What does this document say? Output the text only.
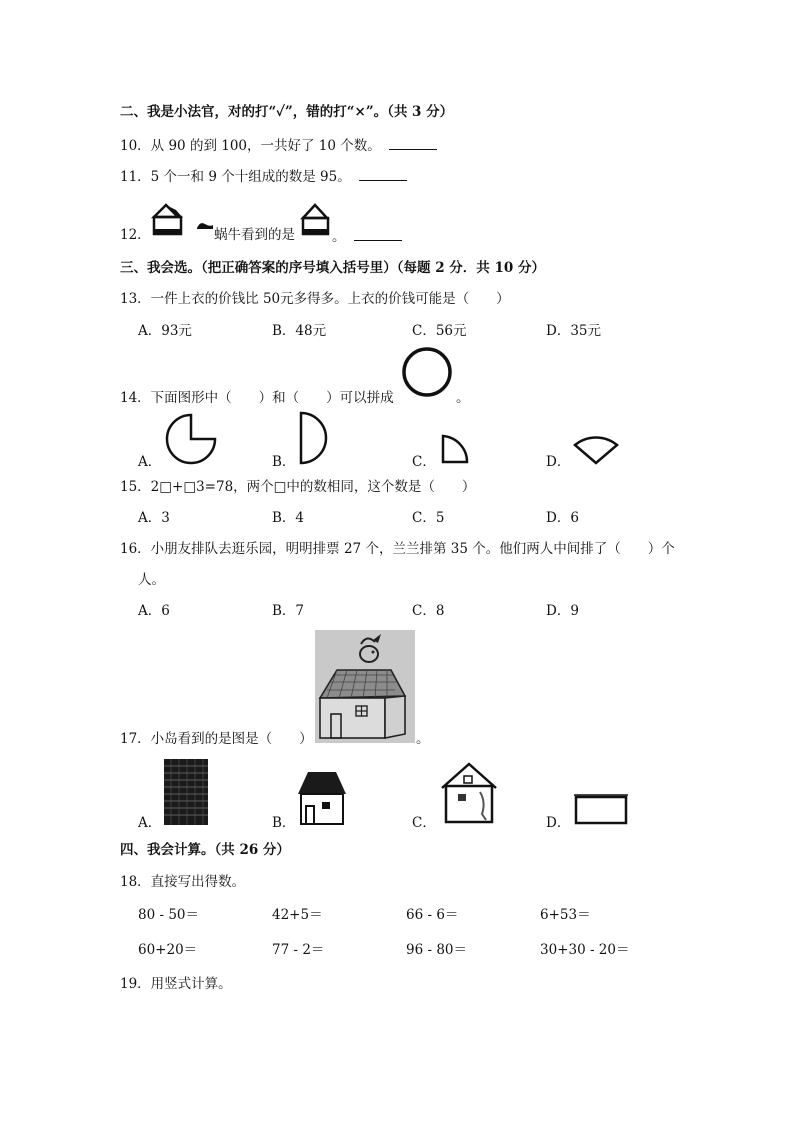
二、我是小法官，对的打“✓”，错的打“×”。（共 3 分）
10．从 90 的到 100，一共好了 10 个数。
11．5 个一和 9 个十组成的数是 95。
12．	蜗牛看到的是	。
三、我会选。（把正确答案的序号填入括号里）（每题 2 分．共 10 分）
13．一件上衣的价钱比 50元多得多。上衣的价钱可能是（　　）
A．93元	B．48元	C．56元	D．35元
14．下面图形中（　　）和（　　）可以拼成	。
A．	B．	C．	D．
15．2□+□3=78，两个□中的数相同，这个数是（　　）
A．3	B．4	C．5	D．6
16．小朋友排队去逛乐园，明明排票 27 个，兰兰排第 35 个。他们两人中间排了（　　）个
人。
A．6	B．7	C．8	D．9
17．小岛看到的是图是（　　）	。
A．	B．	C．	D．
四、我会计算。（共 26 分）
18．直接写出得数。
80 - 50＝	42+5＝	66 - 6＝	6+53＝
60+20＝	77 - 2＝	96 - 80＝	30+30 - 20＝
19．用竖式计算。
